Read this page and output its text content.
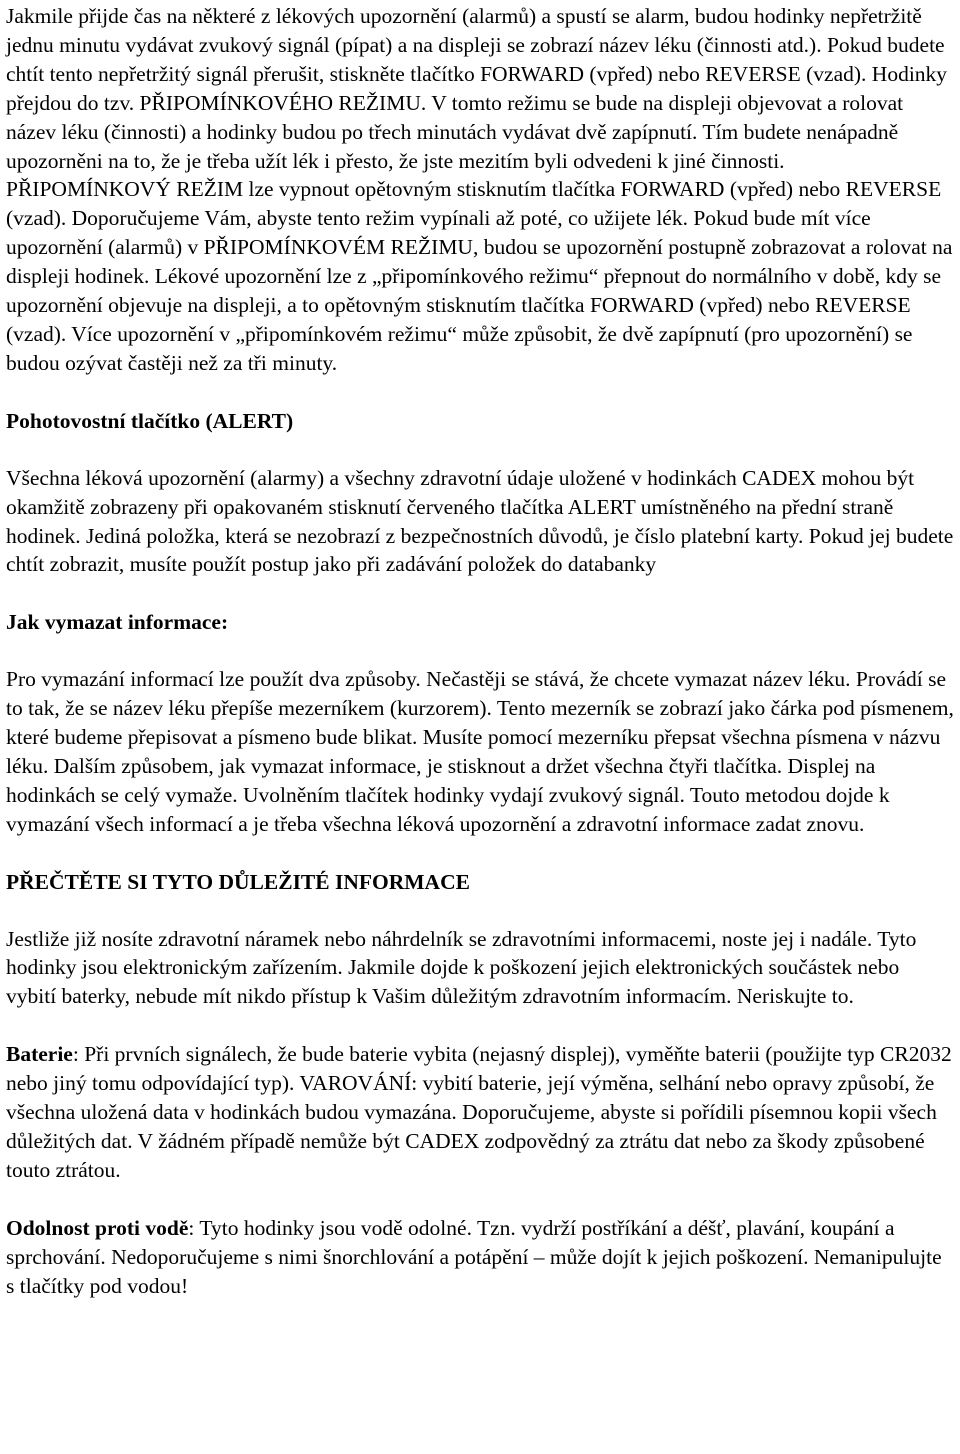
Jakmile přijde čas na některé z lékových upozornění (alarmů) a spustí se alarm, budou hodinky nepřetržitě jednu minutu vydávat zvukový signál (pípat) a na displeji se zobrazí název léku (činnosti atd.). Pokud budete chtít tento nepřetržitý signál přerušit, stiskněte tlačítko FORWARD (vpřed) nebo REVERSE (vzad). Hodinky přejdou do tzv. PŘIPOMÍNKOVÉHO REŽIMU. V tomto režimu se bude na displeji objevovat a rolovat název léku (činnosti) a hodinky budou po třech minutách vydávat dvě zapípnutí. Tím budete nenápadně upozorněni na to, že je třeba užít lék i přesto, že jste mezitím byli odvedeni k jiné činnosti. PŘIPOMÍNKOVÝ REŽIM lze vypnout opětovným stisknutím tlačítka FORWARD (vpřed) nebo REVERSE (vzad). Doporučujeme Vám, abyste tento režim vypínali až poté, co užijete lék. Pokud bude mít více upozornění (alarmů) v PŘIPOMÍNKOVÉM REŽIMU, budou se upozornění postupně zobrazovat a rolovat na displeji hodinek. Lékové upozornění lze z „připomínkového režimu“ přepnout do normálního v době, kdy se upozornění objevuje na displeji, a to opětovným stisknutím tlačítka FORWARD (vpřed) nebo REVERSE (vzad). Více upozornění v „připomínkovém režimu“ může způsobit, že dvě zapípnutí (pro upozornění) se budou ozývat častěji než za tři minuty.

Pohotovostní tlačítko (ALERT)

Všechna léková upozornění (alarmy) a všechny zdravotní údaje uložené v hodinkách CADEX mohou být okamžitě zobrazeny při opakovaném stisknutí červeného tlačítka ALERT umístněného na přední straně hodinek. Jediná položka, která se nezobrazí z bezpečnostních důvodů, je číslo platební karty. Pokud jej budete chtít zobrazit, musíte použít postup jako při zadávání položek do databanky

Jak vymazat informace:

Pro vymazání informací lze použít dva způsoby. Nečastěji se stává, že chcete vymazat název léku. Provádí se to tak, že se název léku přepíše mezerníkem (kurzorem). Tento mezerník se zobrazí jako čárka pod písmenem, které budeme přepisovat a písmeno bude blikat. Musíte pomocí mezerníku přepsat všechna písmena v názvu léku. Dalším způsobem, jak vymazat informace, je stisknout a držet všechna čtyři tlačítka. Displej na hodinkách se celý vymaže. Uvolněním tlačítek hodinky vydají zvukový signál. Touto metodou dojde k vymazání všech informací a je třeba všechna léková upozornění a zdravotní informace zadat znovu.

PŘEČTĚTE SI TYTO DŮLEŽITÉ INFORMACE

Jestliže již nosíte zdravotní náramek nebo náhrdelník se zdravotními informacemi, noste jej i nadále. Tyto hodinky jsou elektronickým zařízením. Jakmile dojde k poškození jejich elektronických součástek nebo vybití baterky, nebude mít nikdo přístup k Vašim důležitým zdravotním informacím. Neriskujte to.

Baterie: Při prvních signálech, že bude baterie vybita (nejasný displej), vyměňte baterii (použijte typ CR2032 nebo jiný tomu odpovídající typ). VAROVÁNÍ: vybití baterie, její výměna, selhání nebo opravy způsobí, že všechna uložená data v hodinkách budou vymazána. Doporučujeme, abyste si pořídili písemnou kopii všech důležitých dat. V žádném případě nemůže být CADEX zodpovědný za ztrátu dat nebo za škody způsobené touto ztrátou.

Odolnost proti vodě: Tyto hodinky jsou vodě odolné. Tzn. vydrží postříkání a déšť, plavání, koupání a sprchování. Nedoporučujeme s nimi šnorchlování a potápění – může dojít k jejich poškození. Nemanipulujte s tlačítky pod vodou!
